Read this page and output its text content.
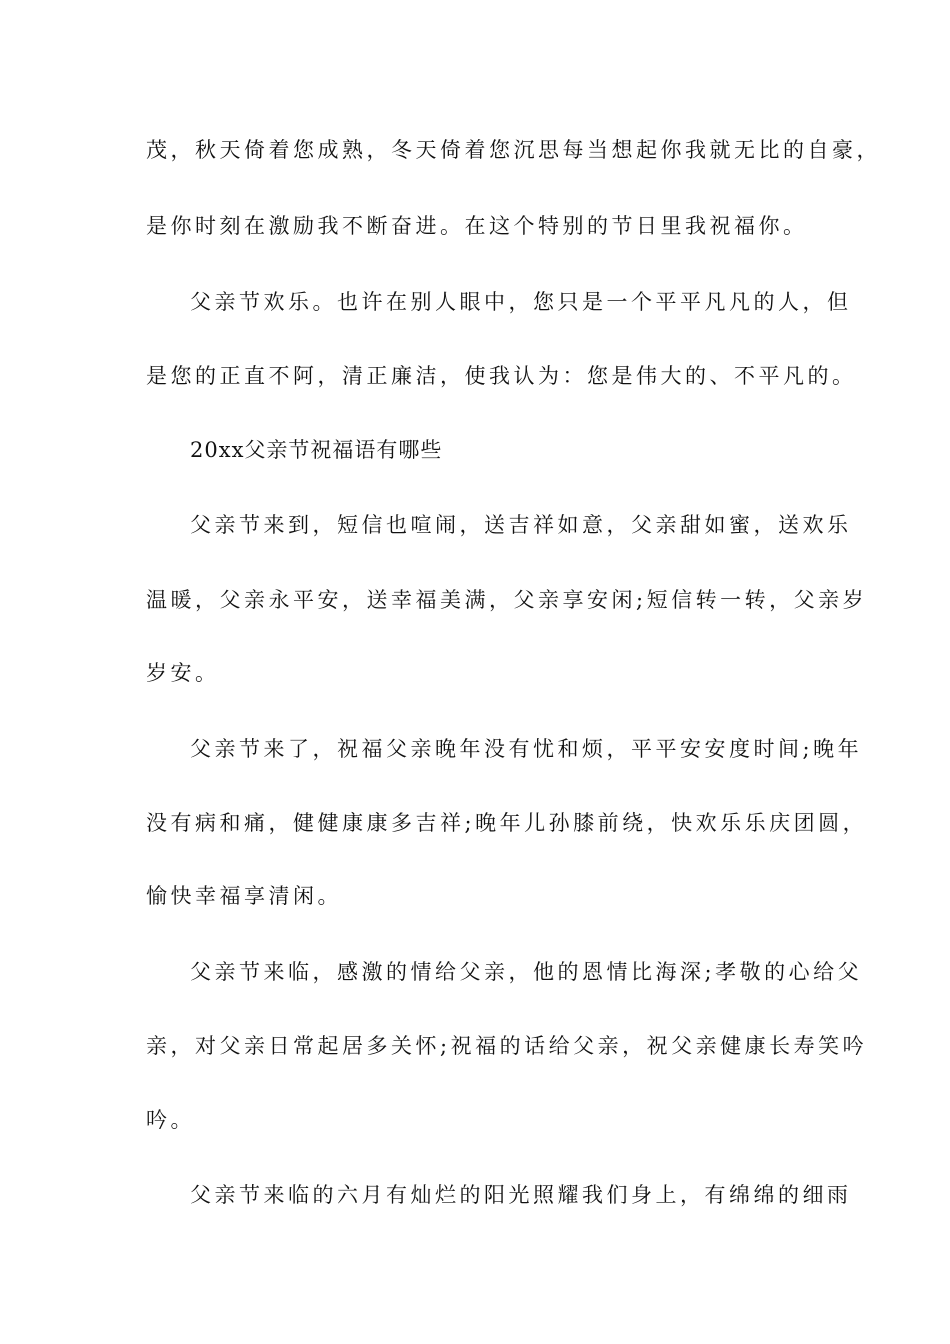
茂，秋天倚着您成熟，冬天倚着您沉思每当想起你我就无比的自豪，
是你时刻在激励我不断奋进。在这个特别的节日里我祝福你。
父亲节欢乐。也许在别人眼中，您只是一个平平凡凡的人，但
是您的正直不阿，清正廉洁，使我认为：您是伟大的、不平凡的。
20xx父亲节祝福语有哪些
父亲节来到，短信也喧闹，送吉祥如意，父亲甜如蜜，送欢乐
温暖，父亲永平安，送幸福美满，父亲享安闲;短信转一转，父亲岁
岁安。
父亲节来了，祝福父亲晚年没有忧和烦，平平安安度时间;晚年
没有病和痛，健健康康多吉祥;晚年儿孙膝前绕，快欢乐乐庆团圆，
愉快幸福享清闲。
父亲节来临，感激的情给父亲，他的恩情比海深;孝敬的心给父
亲，对父亲日常起居多关怀;祝福的话给父亲，祝父亲健康长寿笑吟
吟。
父亲节来临的六月有灿烂的阳光照耀我们身上，有绵绵的细雨
